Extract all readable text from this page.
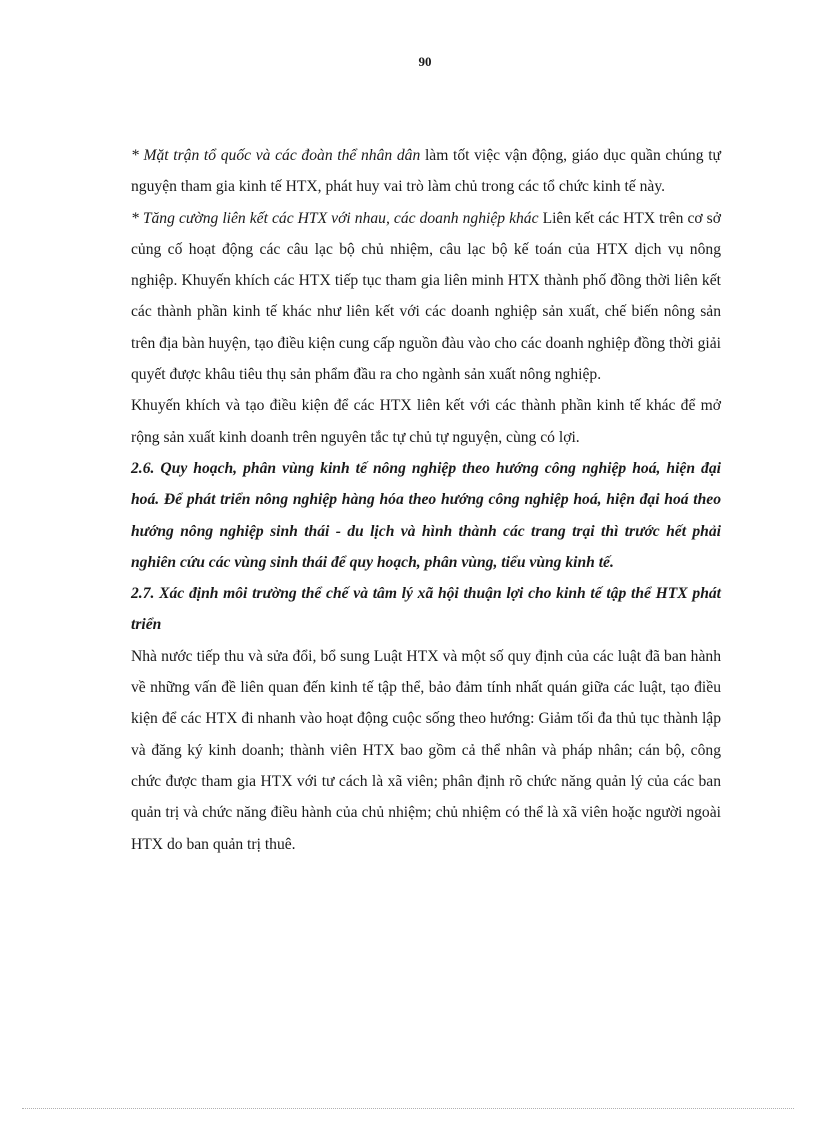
90

* Mặt trận tổ quốc và các đoàn thể nhân dân làm tốt việc vận động, giáo dục quần chúng tự nguyện tham gia kinh tế HTX, phát huy vai trò làm chủ trong các tổ chức kinh tế này.

* Tăng cường liên kết các HTX với nhau, các doanh nghiệp khác Liên kết các HTX trên cơ sở củng cố hoạt động các câu lạc bộ chủ nhiệm, câu lạc bộ kế toán của HTX dịch vụ nông nghiệp. Khuyến khích các HTX tiếp tục tham gia liên minh HTX thành phố đồng thời liên kết các thành phần kinh tế khác như liên kết với các doanh nghiệp sản xuất, chế biến nông sản trên địa bàn huyện, tạo điều kiện cung cấp nguồn đàu vào cho các doanh nghiệp đồng thời giải quyết được khâu tiêu thụ sản phẩm đầu ra cho ngành sản xuất nông nghiệp.

Khuyến khích và tạo điều kiện để các HTX liên kết với các thành phần kinh tế khác để mở rộng sản xuất kinh doanh trên nguyên tắc tự chủ tự nguyện, cùng có lợi.

2.6. Quy hoạch, phân vùng kinh tế nông nghiệp theo hướng công nghiệp hoá, hiện đại hoá. Để phát triển nông nghiệp hàng hóa theo hướng công nghiệp hoá, hiện đại hoá theo hướng nông nghiệp sinh thái - du lịch và hình thành các trang trại thì trước hết phải nghiên cứu các vùng sinh thái để quy hoạch, phân vùng, tiểu vùng kinh tế.
2.7. Xác định môi trường thể chế và tâm lý xã hội thuận lợi cho kinh tế tập thể HTX phát triển

Nhà nước tiếp thu và sửa đổi, bổ sung Luật HTX và một số quy định của các luật đã ban hành về những vấn đề liên quan đến kinh tế tập thể, bảo đảm tính nhất quán giữa các luật, tạo điều kiện để các HTX đi nhanh vào hoạt động cuộc sống theo hướng: Giảm tối đa thủ tục thành lập và đăng ký kinh doanh; thành viên HTX bao gồm cả thể nhân và pháp nhân; cán bộ, công chức được tham gia HTX với tư cách là xã viên; phân định rõ chức năng quản lý của các ban quản trị và chức năng điều hành của chủ nhiệm; chủ nhiệm có thể là xã viên hoặc người ngoài HTX do ban quản trị thuê.
